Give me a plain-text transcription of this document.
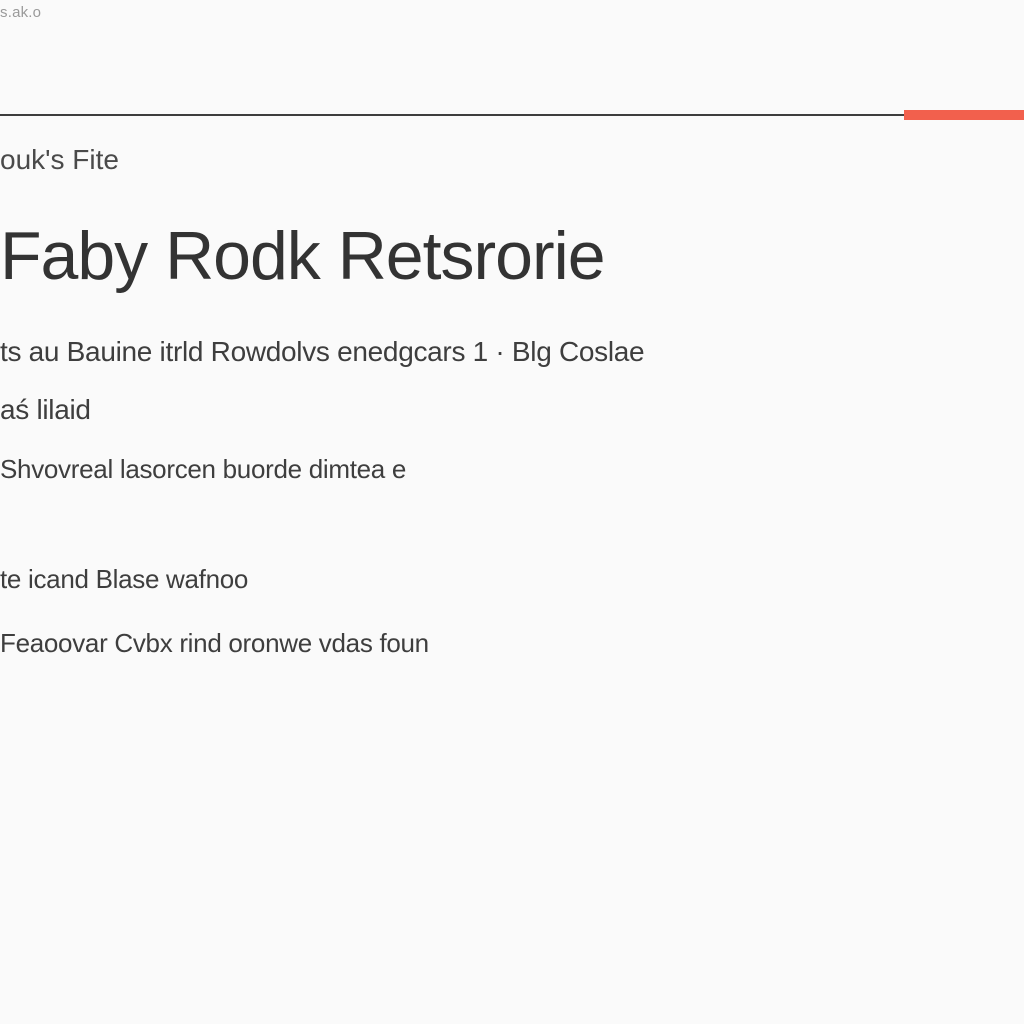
s.ak.o
ouk's Fite
Faby Rodk Retsrorie
ts au Bauine itrld Rowdolvs enedgcars 1 · Blg Coslae
aś lilaid
Shvovreal lasorcen buorde dimtea e
te icand Blase wafnoo
Feaoovar Cvbx rind oronwe vdas foun
